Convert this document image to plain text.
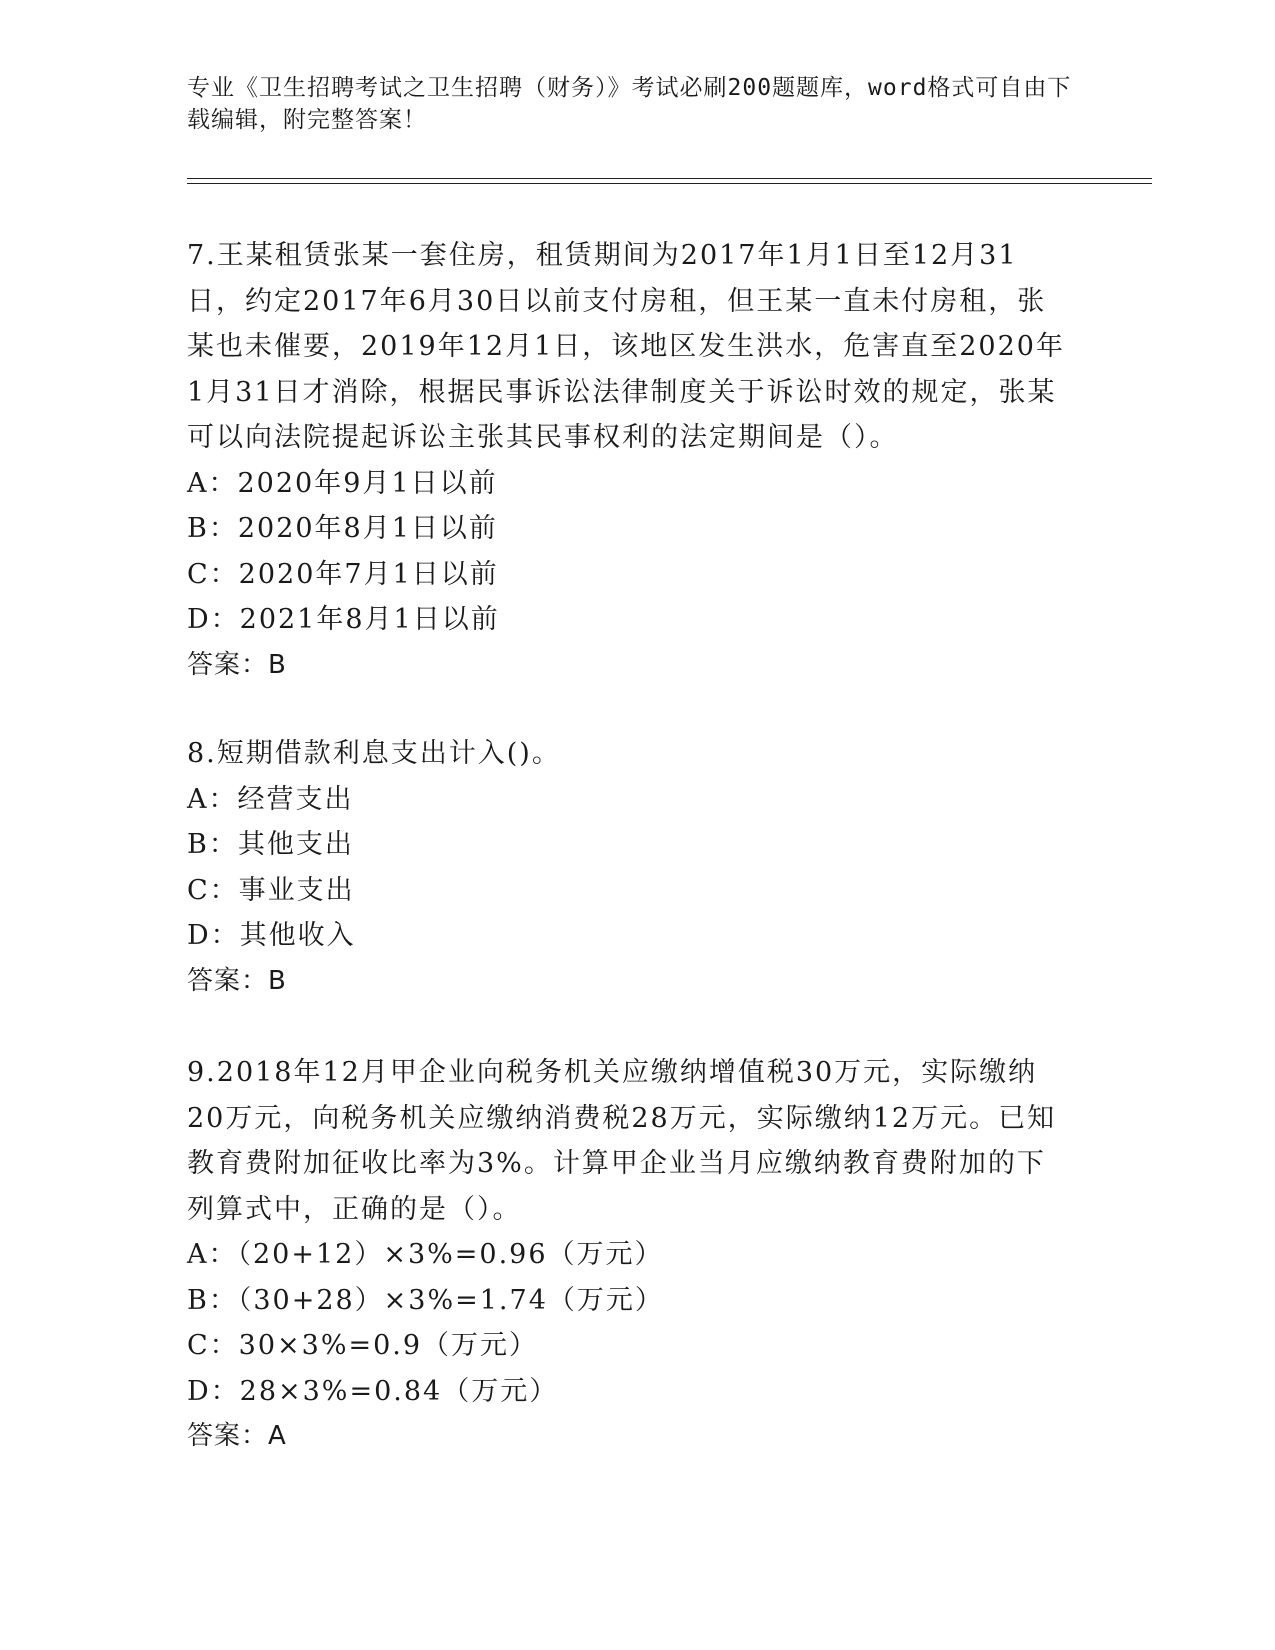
专业《卫生招聘考试之卫生招聘（财务）》考试必刷200题题库，word格式可自由下载编辑，附完整答案！
7.王某租赁张某一套住房，租赁期间为2017年1月1日至12月31日，约定2017年6月30日以前支付房租，但王某一直未付房租，张某也未催要，2019年12月1日，该地区发生洪水，危害直至2020年1月31日才消除，根据民事诉讼法律制度关于诉讼时效的规定，张某可以向法院提起诉讼主张其民事权利的法定期间是（）。
A：2020年9月1日以前
B：2020年8月1日以前
C：2020年7月1日以前
D：2021年8月1日以前
答案：B
8.短期借款利息支出计入()。
A：经营支出
B：其他支出
C：事业支出
D：其他收入
答案：B
9.2018年12月甲企业向税务机关应缴纳增值税30万元，实际缴纳20万元，向税务机关应缴纳消费税28万元，实际缴纳12万元。已知教育费附加征收比率为3%。计算甲企业当月应缴纳教育费附加的下列算式中，正确的是（）。
A：（20+12）×3%=0.96（万元）
B：（30+28）×3%=1.74（万元）
C：30×3%=0.9（万元）
D：28×3%=0.84（万元）
答案：A
